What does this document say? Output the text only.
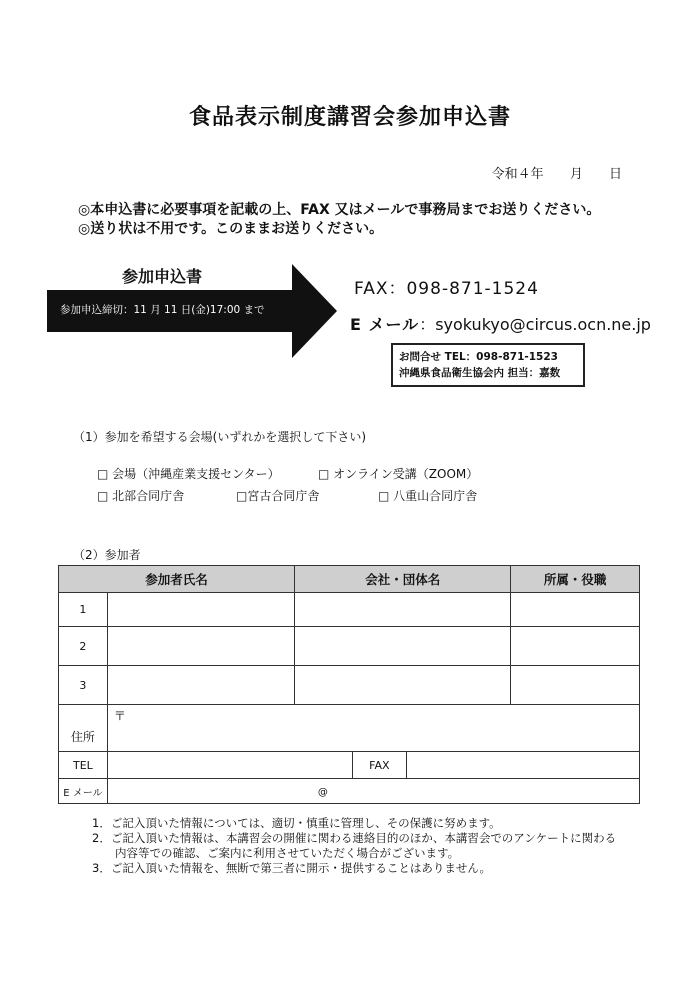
食品表示制度講習会参加申込書
令和４年 月 日
◎本申込書に必要事項を記載の上、FAX 又はメールで事務局までお送りください。
◎送り状は不用です。このままお送りください。
参加申込書
参加申込締切：11 月 11 日(金)17:00 まで
FAX：098-871-1524
E メール：syokukyo@circus.ocn.ne.jp
お問合せ TEL：098-871-1523
沖縄県食品衛生協会内 担当：嘉数
（1）参加を希望する会場(いずれかを選択して下さい)
□ 会場（沖縄産業支援センター）	□ オンライン受講（ZOOM）
□ 北部合同庁舎	□宮古合同庁舎	□ 八重山合同庁舎
（2）参加者
参加者氏名		会社・団体名			所属・役職
1					
2					
3					
住所	〒				
TEL			FAX		
E メール	@				
1．ご記入頂いた情報については、適切・慎重に管理し、その保護に努めます。
2．ご記入頂いた情報は、本講習会の開催に関わる連絡目的のほか、本講習会でのアンケートに関わる
　　内容等での確認、ご案内に利用させていただく場合がございます。
3．ご記入頂いた情報を、無断で第三者に開示・提供することはありません。
